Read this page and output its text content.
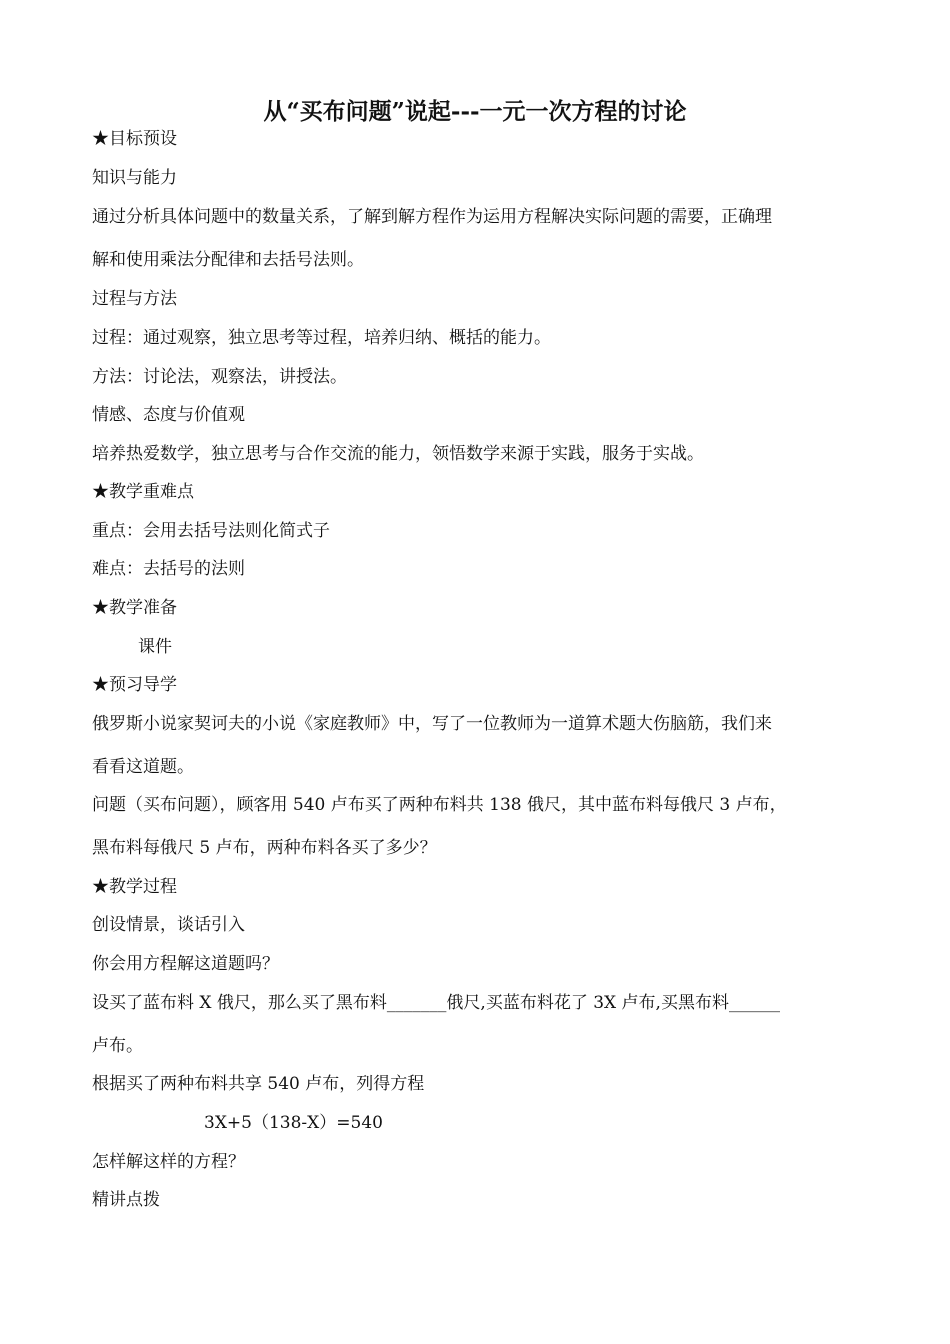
从“买布问题”说起---一元一次方程的讨论
★目标预设
知识与能力
通过分析具体问题中的数量关系，了解到解方程作为运用方程解决实际问题的需要，正确理
解和使用乘法分配律和去括号法则。
过程与方法
过程：通过观察，独立思考等过程，培养归纳、概括的能力。
方法：讨论法，观察法，讲授法。
情感、态度与价值观
培养热爱数学，独立思考与合作交流的能力，领悟数学来源于实践，服务于实战。
★教学重难点
重点：会用去括号法则化简式子
难点：去括号的法则
★教学准备
课件
★预习导学
俄罗斯小说家契诃夫的小说《家庭教师》中，写了一位教师为一道算术题大伤脑筋，我们来
看看这道题。
问题（买布问题），顾客用 540 卢布买了两种布料共 138 俄尺，其中蓝布料每俄尺 3 卢布，
黑布料每俄尺 5 卢布，两种布料各买了多少？
★教学过程
创设情景，谈话引入
你会用方程解这道题吗？
设买了蓝布料 X 俄尺，那么买了黑布料_______俄尺,买蓝布料花了 3X 卢布,买黑布料______
卢布。
根据买了两种布料共享 540 卢布，列得方程
3X+5（138-X）=540
怎样解这样的方程？
精讲点拨
